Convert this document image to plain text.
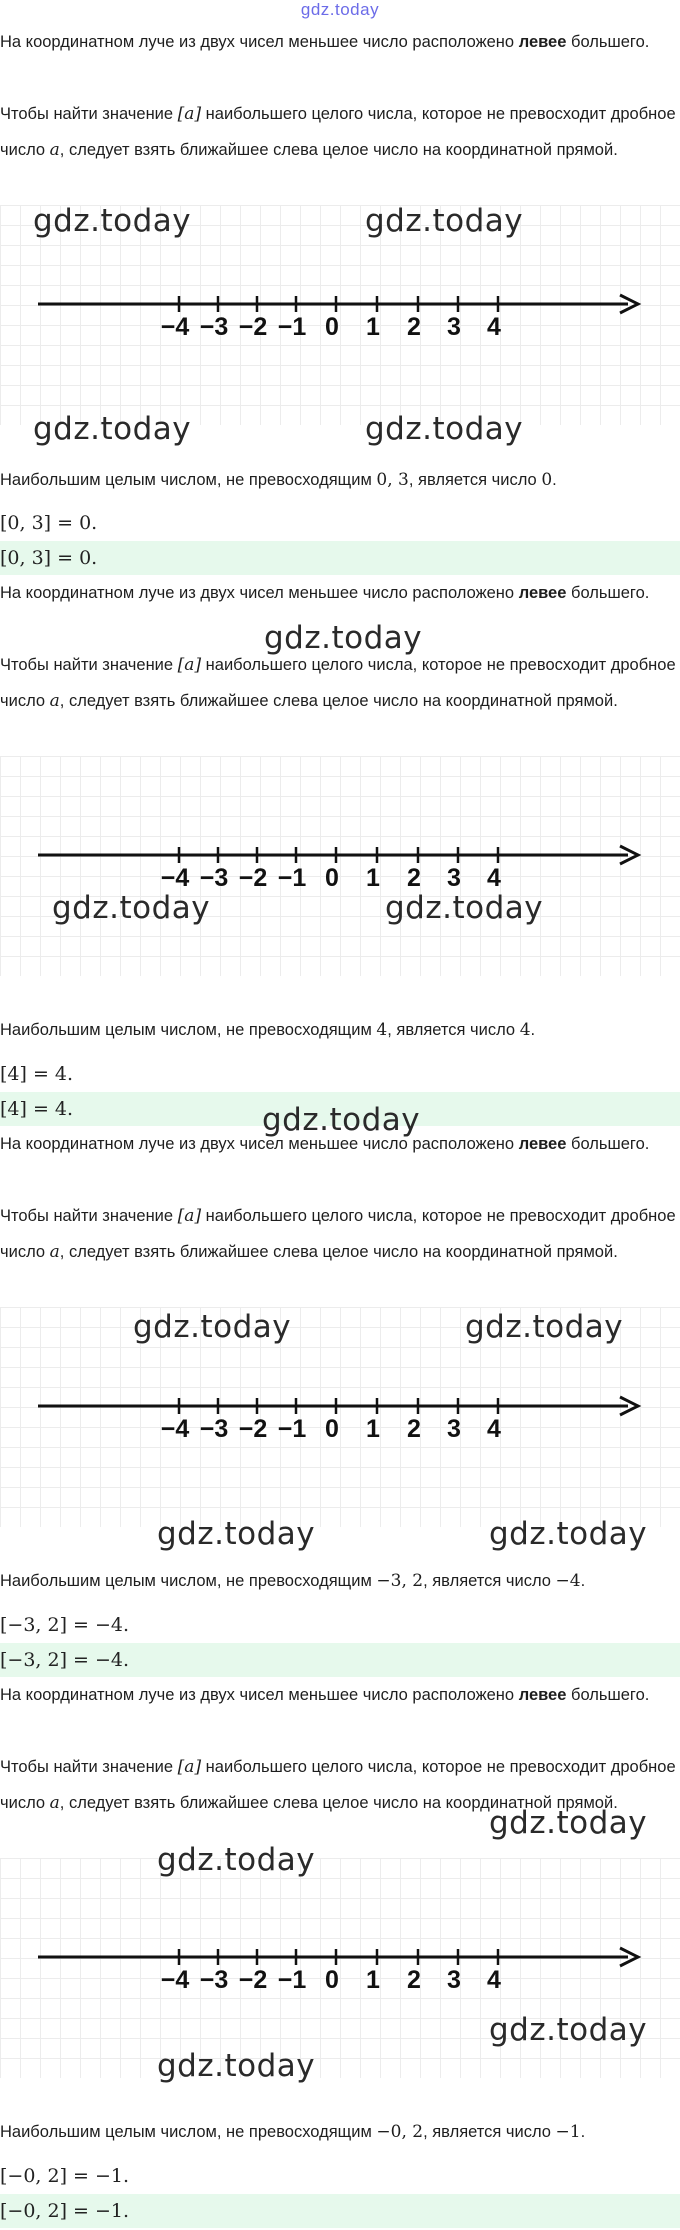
gdz.today

На координатном луче из двух чисел меньшее число расположено левее большего.

Чтобы найти значение [a] наибольшего целого числа, которое не превосходит дробное число a, следует взять ближайшее слева целое число на координатной прямой.

−4 −3 −2 −1 0 1 2 3 4

Наибольшим целым числом, не превосходящим 0, 3, является число 0.

[0, 3] = 0.
[0, 3] = 0.

На координатном луче из двух чисел меньшее число расположено левее большего.

Чтобы найти значение [a] наибольшего целого числа, которое не превосходит дробное число a, следует взять ближайшее слева целое число на координатной прямой.

−4 −3 −2 −1 0 1 2 3 4

Наибольшим целым числом, не превосходящим 4, является число 4.

[4] = 4.
[4] = 4.

На координатном луче из двух чисел меньшее число расположено левее большего.

Чтобы найти значение [a] наибольшего целого числа, которое не превосходит дробное число a, следует взять ближайшее слева целое число на координатной прямой.

−4 −3 −2 −1 0 1 2 3 4

Наибольшим целым числом, не превосходящим −3, 2, является число −4.

[−3, 2] = −4.
[−3, 2] = −4.

На координатном луче из двух чисел меньшее число расположено левее большего.

Чтобы найти значение [a] наибольшего целого числа, которое не превосходит дробное число a, следует взять ближайшее слева целое число на координатной прямой.

−4 −3 −2 −1 0 1 2 3 4

Наибольшим целым числом, не превосходящим −0, 2, является число −1.

[−0, 2] = −1.
[−0, 2] = −1.
gdz.today	gdz.today
gdz.today	gdz.today
gdz.today
gdz.today	gdz.today
gdz.today
gdz.today	gdz.today
gdz.today	gdz.today
gdz.today
gdz.today
gdz.today
gdz.today
